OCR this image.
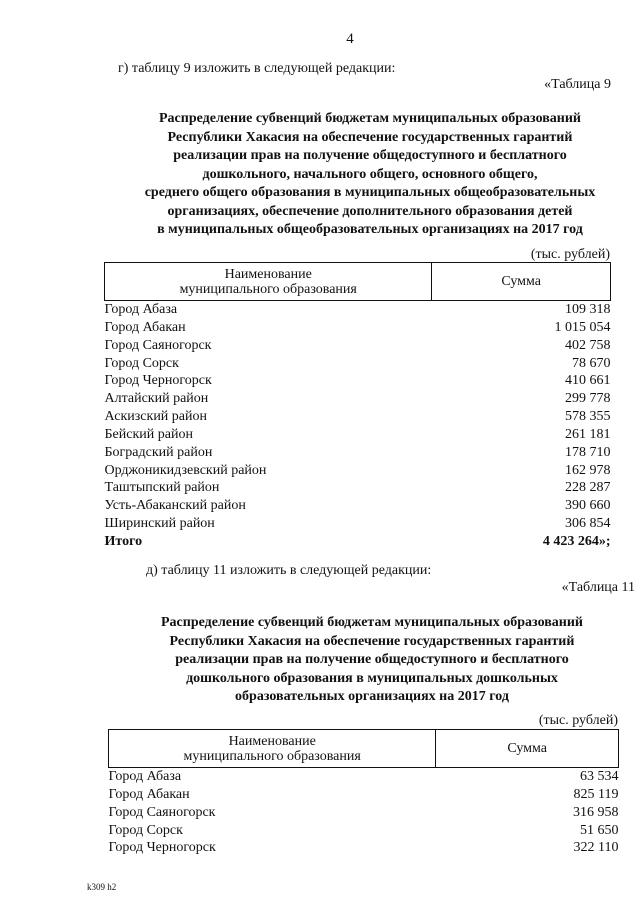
4
г) таблицу 9 изложить в следующей редакции:
«Таблица 9
Распределение субвенций бюджетам муниципальных образований
Республики Хакасия на обеспечение государственных гарантий
реализации прав на получение общедоступного и бесплатного
дошкольного, начального общего, основного общего,
среднего общего образования в муниципальных общеобразовательных
организациях, обеспечение дополнительного образования детей
в муниципальных общеобразовательных организациях на 2017 год
(тыс. рублей)
Наименование
муниципального образования	Сумма
Город Абаза	109 318
Город Абакан	1 015 054
Город Саяногорск	402 758
Город Сорск	78 670
Город Черногорск	410 661
Алтайский район	299 778
Аскизский район	578 355
Бейский район	261 181
Боградский район	178 710
Орджоникидзевский район	162 978
Таштыпский район	228 287
Усть-Абаканский район	390 660
Ширинский район	306 854
Итого	4 423 264»;
д) таблицу 11 изложить в следующей редакции:
«Таблица 11
Распределение субвенций бюджетам муниципальных образований
Республики Хакасия на обеспечение государственных гарантий
реализации прав на получение общедоступного и бесплатного
дошкольного образования в муниципальных дошкольных
образовательных организациях на 2017 год
(тыс. рублей)
Наименование
муниципального образования	Сумма
Город Абаза	63 534
Город Абакан	825 119
Город Саяногорск	316 958
Город Сорск	51 650
Город Черногорск	322 110
k309 h2
